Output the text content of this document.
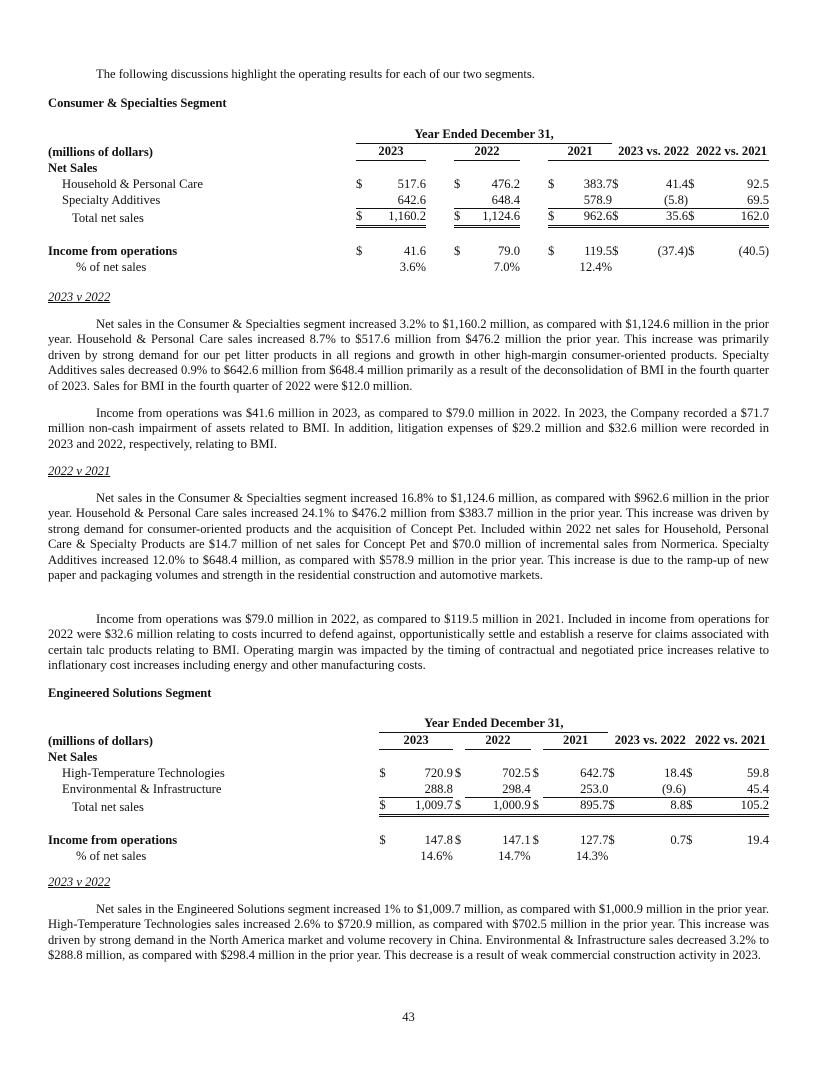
The following discussions highlight the operating results for each of our two segments.

Consumer & Specialties Segment

	Year Ended December 31,											
(millions of dollars)	2023			2022			2021		2023 vs. 2022		2022 vs. 2021	
Net Sales												
Household & Personal Care	$	517.6		$	476.2		$	383.7	$	41.4	$	92.5
Specialty Additives		642.6			648.4			578.9		(5.8)		69.5
Total net sales	$	1,160.2		$	1,124.6		$	962.6	$	35.6	$	162.0

Income from operations	$	41.6		$	79.0		$	119.5	$	(37.4)	$	(40.5)
% of net sales		3.6%			7.0%			12.4%				

2023 v 2022

Net sales in the Consumer & Specialties segment increased 3.2% to $1,160.2 million, as compared with $1,124.6 million in the prior year. Household & Personal Care sales increased 8.7% to $517.6 million from $476.2 million the prior year. This increase was primarily driven by strong demand for our pet litter products in all regions and growth in other high-margin consumer-oriented products. Specialty Additives sales decreased 0.9% to $642.6 million from $648.4 million primarily as a result of the deconsolidation of BMI in the fourth quarter of 2023. Sales for BMI in the fourth quarter of 2022 were $12.0 million.

Income from operations was $41.6 million in 2023, as compared to $79.0 million in 2022. In 2023, the Company recorded a $71.7 million non-cash impairment of assets related to BMI. In addition, litigation expenses of $29.2 million and $32.6 million were recorded in 2023 and 2022, respectively, relating to BMI.

2022 v 2021

Net sales in the Consumer & Specialties segment increased 16.8% to $1,124.6 million, as compared with $962.6 million in the prior year. Household & Personal Care sales increased 24.1% to $476.2 million from $383.7 million in the prior year. This increase was driven by strong demand for consumer-oriented products and the acquisition of Concept Pet. Included within 2022 net sales for Household, Personal Care & Specialty Products are $14.7 million of net sales for Concept Pet and $70.0 million of incremental sales from Normerica. Specialty Additives increased 12.0% to $648.4 million, as compared with $578.9 million in the prior year. This increase is due to the ramp-up of new paper and packaging volumes and strength in the residential construction and automotive markets.

Income from operations was $79.0 million in 2022, as compared to $119.5 million in 2021. Included in income from operations for 2022 were $32.6 million relating to costs incurred to defend against, opportunistically settle and establish a reserve for claims associated with certain talc products relating to BMI. Operating margin was impacted by the timing of contractual and negotiated price increases relative to inflationary cost increases including energy and other manufacturing costs.

Engineered Solutions Segment

	Year Ended December 31,											
(millions of dollars)	2023			2022			2021		2023 vs. 2022		2022 vs. 2021	
Net Sales												
High-Temperature Technologies	$	720.9	$		702.5	$		642.7	$	18.4	$	59.8
Environmental & Infrastructure		288.8			298.4			253.0		(9.6)		45.4
Total net sales	$	1,009.7	$		1,000.9	$		895.7	$	8.8	$	105.2

Income from operations	$	147.8	$		147.1	$		127.7	$	0.7	$	19.4
% of net sales		14.6%			14.7%			14.3%				

2023 v 2022

Net sales in the Engineered Solutions segment increased 1% to $1,009.7 million, as compared with $1,000.9 million in the prior year. High-Temperature Technologies sales increased 2.6% to $720.9 million, as compared with $702.5 million in the prior year. This increase was driven by strong demand in the North America market and volume recovery in China. Environmental & Infrastructure sales decreased 3.2% to $288.8 million, as compared with $298.4 million in the prior year. This decrease is a result of weak commercial construction activity in 2023.

43
